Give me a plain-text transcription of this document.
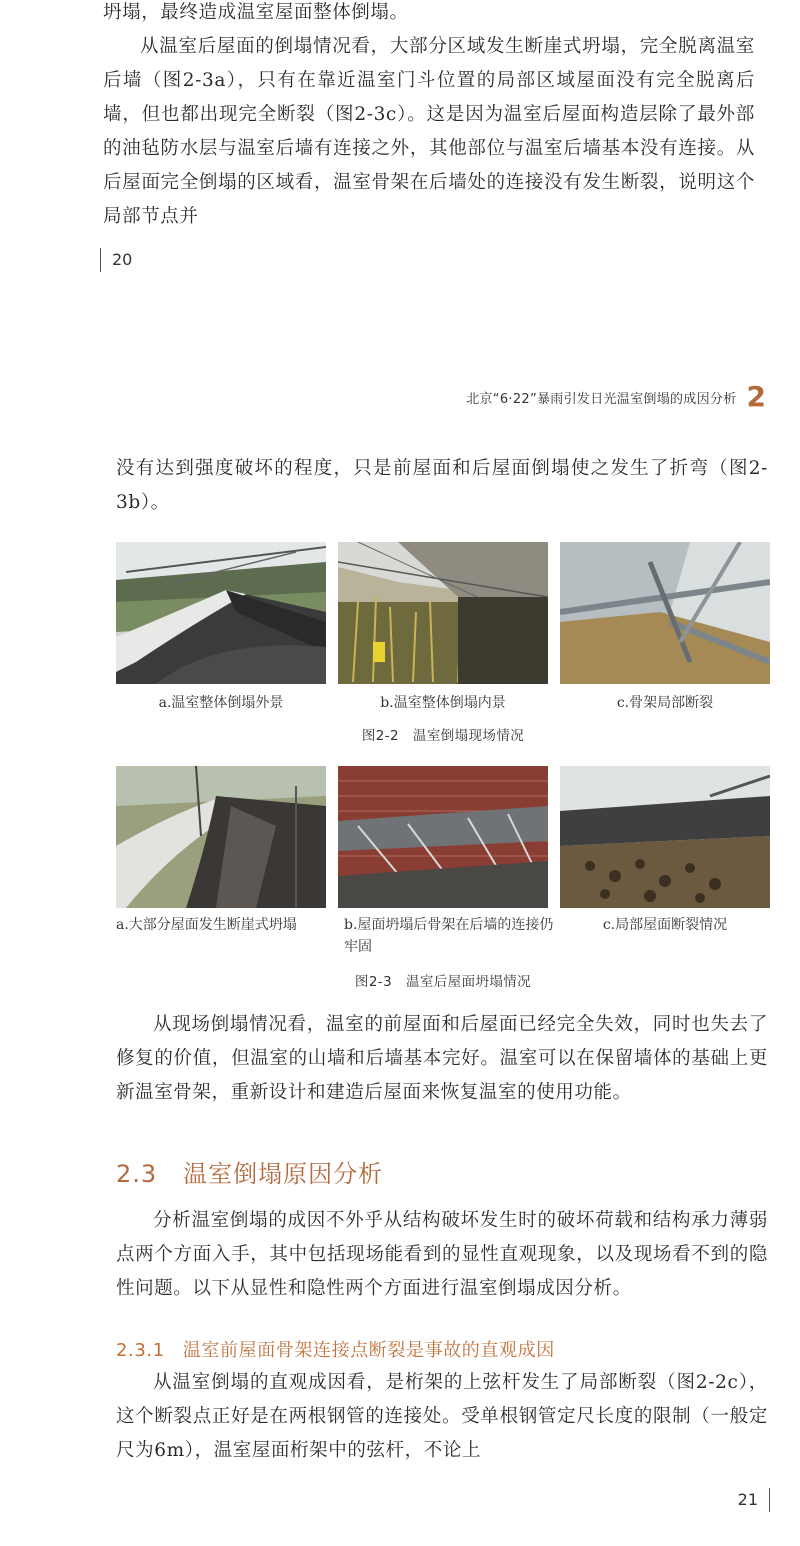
坍塌，最终造成温室屋面整体倒塌。
从温室后屋面的倒塌情况看，大部分区域发生断崖式坍塌，完全脱离温室后墙（图2-3a），只有在靠近温室门斗位置的局部区域屋面没有完全脱离后墙，但也都出现完全断裂（图2-3c）。这是因为温室后屋面构造层除了最外部的油毡防水层与温室后墙有连接之外，其他部位与温室后墙基本没有连接。从后屋面完全倒塌的区域看，温室骨架在后墙处的连接没有发生断裂，说明这个局部节点并
20
北京“6·22”暴雨引发日光温室倒塌的成因分析 2
没有达到强度破坏的程度，只是前屋面和后屋面倒塌使之发生了折弯（图2-3b）。
a.温室整体倒塌外景	b.温室整体倒塌内景	c.骨架局部断裂
图2-2　温室倒塌现场情况
a.大部分屋面发生断崖式坍塌	b.屋面坍塌后骨架在后墙的连接仍牢固
c.局部屋面断裂情况
图2-3　温室后屋面坍塌情况
从现场倒塌情况看，温室的前屋面和后屋面已经完全失效，同时也失去了修复的价值，但温室的山墙和后墙基本完好。温室可以在保留墙体的基础上更新温室骨架，重新设计和建造后屋面来恢复温室的使用功能。
2.3 温室倒塌原因分析
分析温室倒塌的成因不外乎从结构破坏发生时的破坏荷载和结构承力薄弱点两个方面入手，其中包括现场能看到的显性直观现象，以及现场看不到的隐性问题。以下从显性和隐性两个方面进行温室倒塌成因分析。
2.3.1 温室前屋面骨架连接点断裂是事故的直观成因
从温室倒塌的直观成因看，是桁架的上弦杆发生了局部断裂（图2-2c），这个断裂点正好是在两根钢管的连接处。受单根钢管定尺长度的限制（一般定尺为6m），温室屋面桁架中的弦杆，不论上
21
